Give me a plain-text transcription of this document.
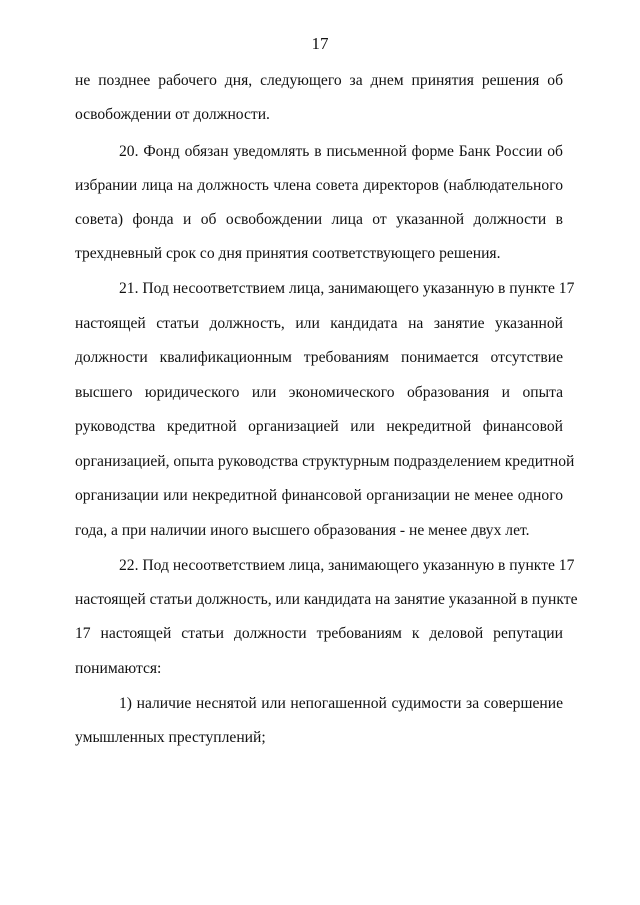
17
не позднее рабочего дня, следующего за днем принятия решения об
освобождении от должности.
20. Фонд обязан уведомлять в письменной форме Банк России об
избрании лица на должность члена совета директоров (наблюдательного
совета) фонда и об освобождении лица от указанной должности в
трехдневный срок со дня принятия соответствующего решения.
21. Под несоответствием лица, занимающего указанную в пункте 17
настоящей статьи должность, или кандидата на занятие указанной
должности квалификационным требованиям понимается отсутствие
высшего юридического или экономического образования и опыта
руководства кредитной организацией или некредитной финансовой
организацией, опыта руководства структурным подразделением кредитной
организации или некредитной финансовой организации не менее одного
года, а при наличии иного высшего образования - не менее двух лет.
22. Под несоответствием лица, занимающего указанную в пункте 17
настоящей статьи должность, или кандидата на занятие указанной в пункте
17 настоящей статьи должности требованиям к деловой репутации
понимаются:
1) наличие неснятой или непогашенной судимости за совершение
умышленных преступлений;
